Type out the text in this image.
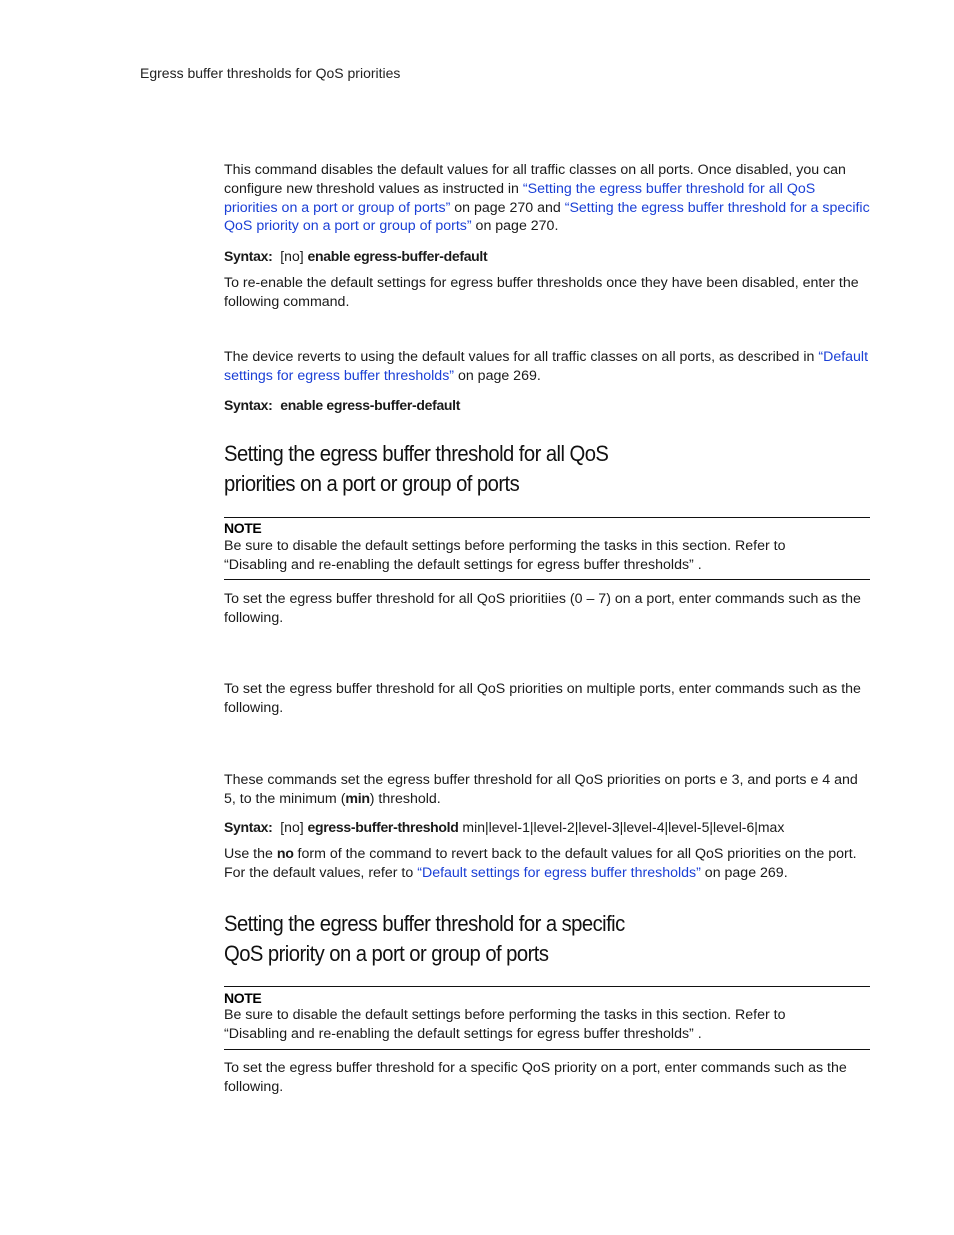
Egress buffer thresholds for QoS priorities

This command disables the default values for all traffic classes on all ports. Once disabled, you can configure new threshold values as instructed in “Setting the egress buffer threshold for all QoS priorities on a port or group of ports” on page 270 and “Setting the egress buffer threshold for a specific QoS priority on a port or group of ports” on page 270.

Syntax: [no] enable egress-buffer-default

To re-enable the default settings for egress buffer thresholds once they have been disabled, enter the following command.

The device reverts to using the default values for all traffic classes on all ports, as described in “Default settings for egress buffer thresholds” on page 269.

Syntax: enable egress-buffer-default
Setting the egress buffer threshold for all QoS
priorities on a port or group of ports
NOTE

Be sure to disable the default settings before performing the tasks in this section. Refer to
“Disabling and re-enabling the default settings for egress buffer thresholds” .

To set the egress buffer threshold for all QoS prioritiies (0 – 7) on a port, enter commands such as the following.

To set the egress buffer threshold for all QoS priorities on multiple ports, enter commands such as the following.

These commands set the egress buffer threshold for all QoS priorities on ports e 3, and ports e 4 and 5, to the minimum (min) threshold.

Syntax: [no] egress-buffer-threshold min|level-1|level-2|level-3|level-4|level-5|level-6|max

Use the no form of the command to revert back to the default values for all QoS priorities on the port. For the default values, refer to “Default settings for egress buffer thresholds” on page 269.

Setting the egress buffer threshold for a specific
QoS priority on a port or group of ports
NOTE

Be sure to disable the default settings before performing the tasks in this section. Refer to
“Disabling and re-enabling the default settings for egress buffer thresholds” .

To set the egress buffer threshold for a specific QoS priority on a port, enter commands such as the following.
